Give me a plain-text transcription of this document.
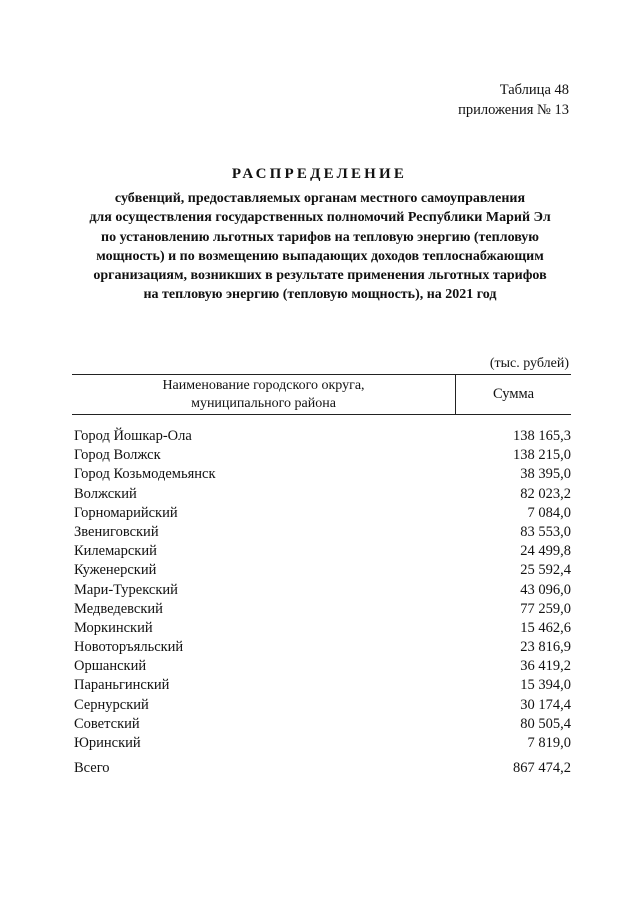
Таблица 48
приложения № 13
РАСПРЕДЕЛЕНИЕ
субвенций, предоставляемых органам местного самоуправления
для осуществления государственных полномочий Республики Марий Эл
по установлению льготных тарифов на тепловую энергию (тепловую
мощность) и по возмещению выпадающих доходов теплоснабжающим
организациям, возникших в результате применения льготных тарифов
на тепловую энергию (тепловую мощность), на 2021 год
(тыс. рублей)
Наименование городского округа,
муниципального района
Сумма
Город Йошкар-Ола	138 165,3
Город Волжск	138 215,0
Город Козьмодемьянск	38 395,0
Волжский	82 023,2
Горномарийский	7 084,0
Звениговский	83 553,0
Килемарский	24 499,8
Куженерский	25 592,4
Мари-Турекский	43 096,0
Медведевский	77 259,0
Моркинский	15 462,6
Новоторъяльский	23 816,9
Оршанский	36 419,2
Параньгинский	15 394,0
Сернурский	30 174,4
Советский	80 505,4
Юринский	7 819,0
Всего	867 474,2
